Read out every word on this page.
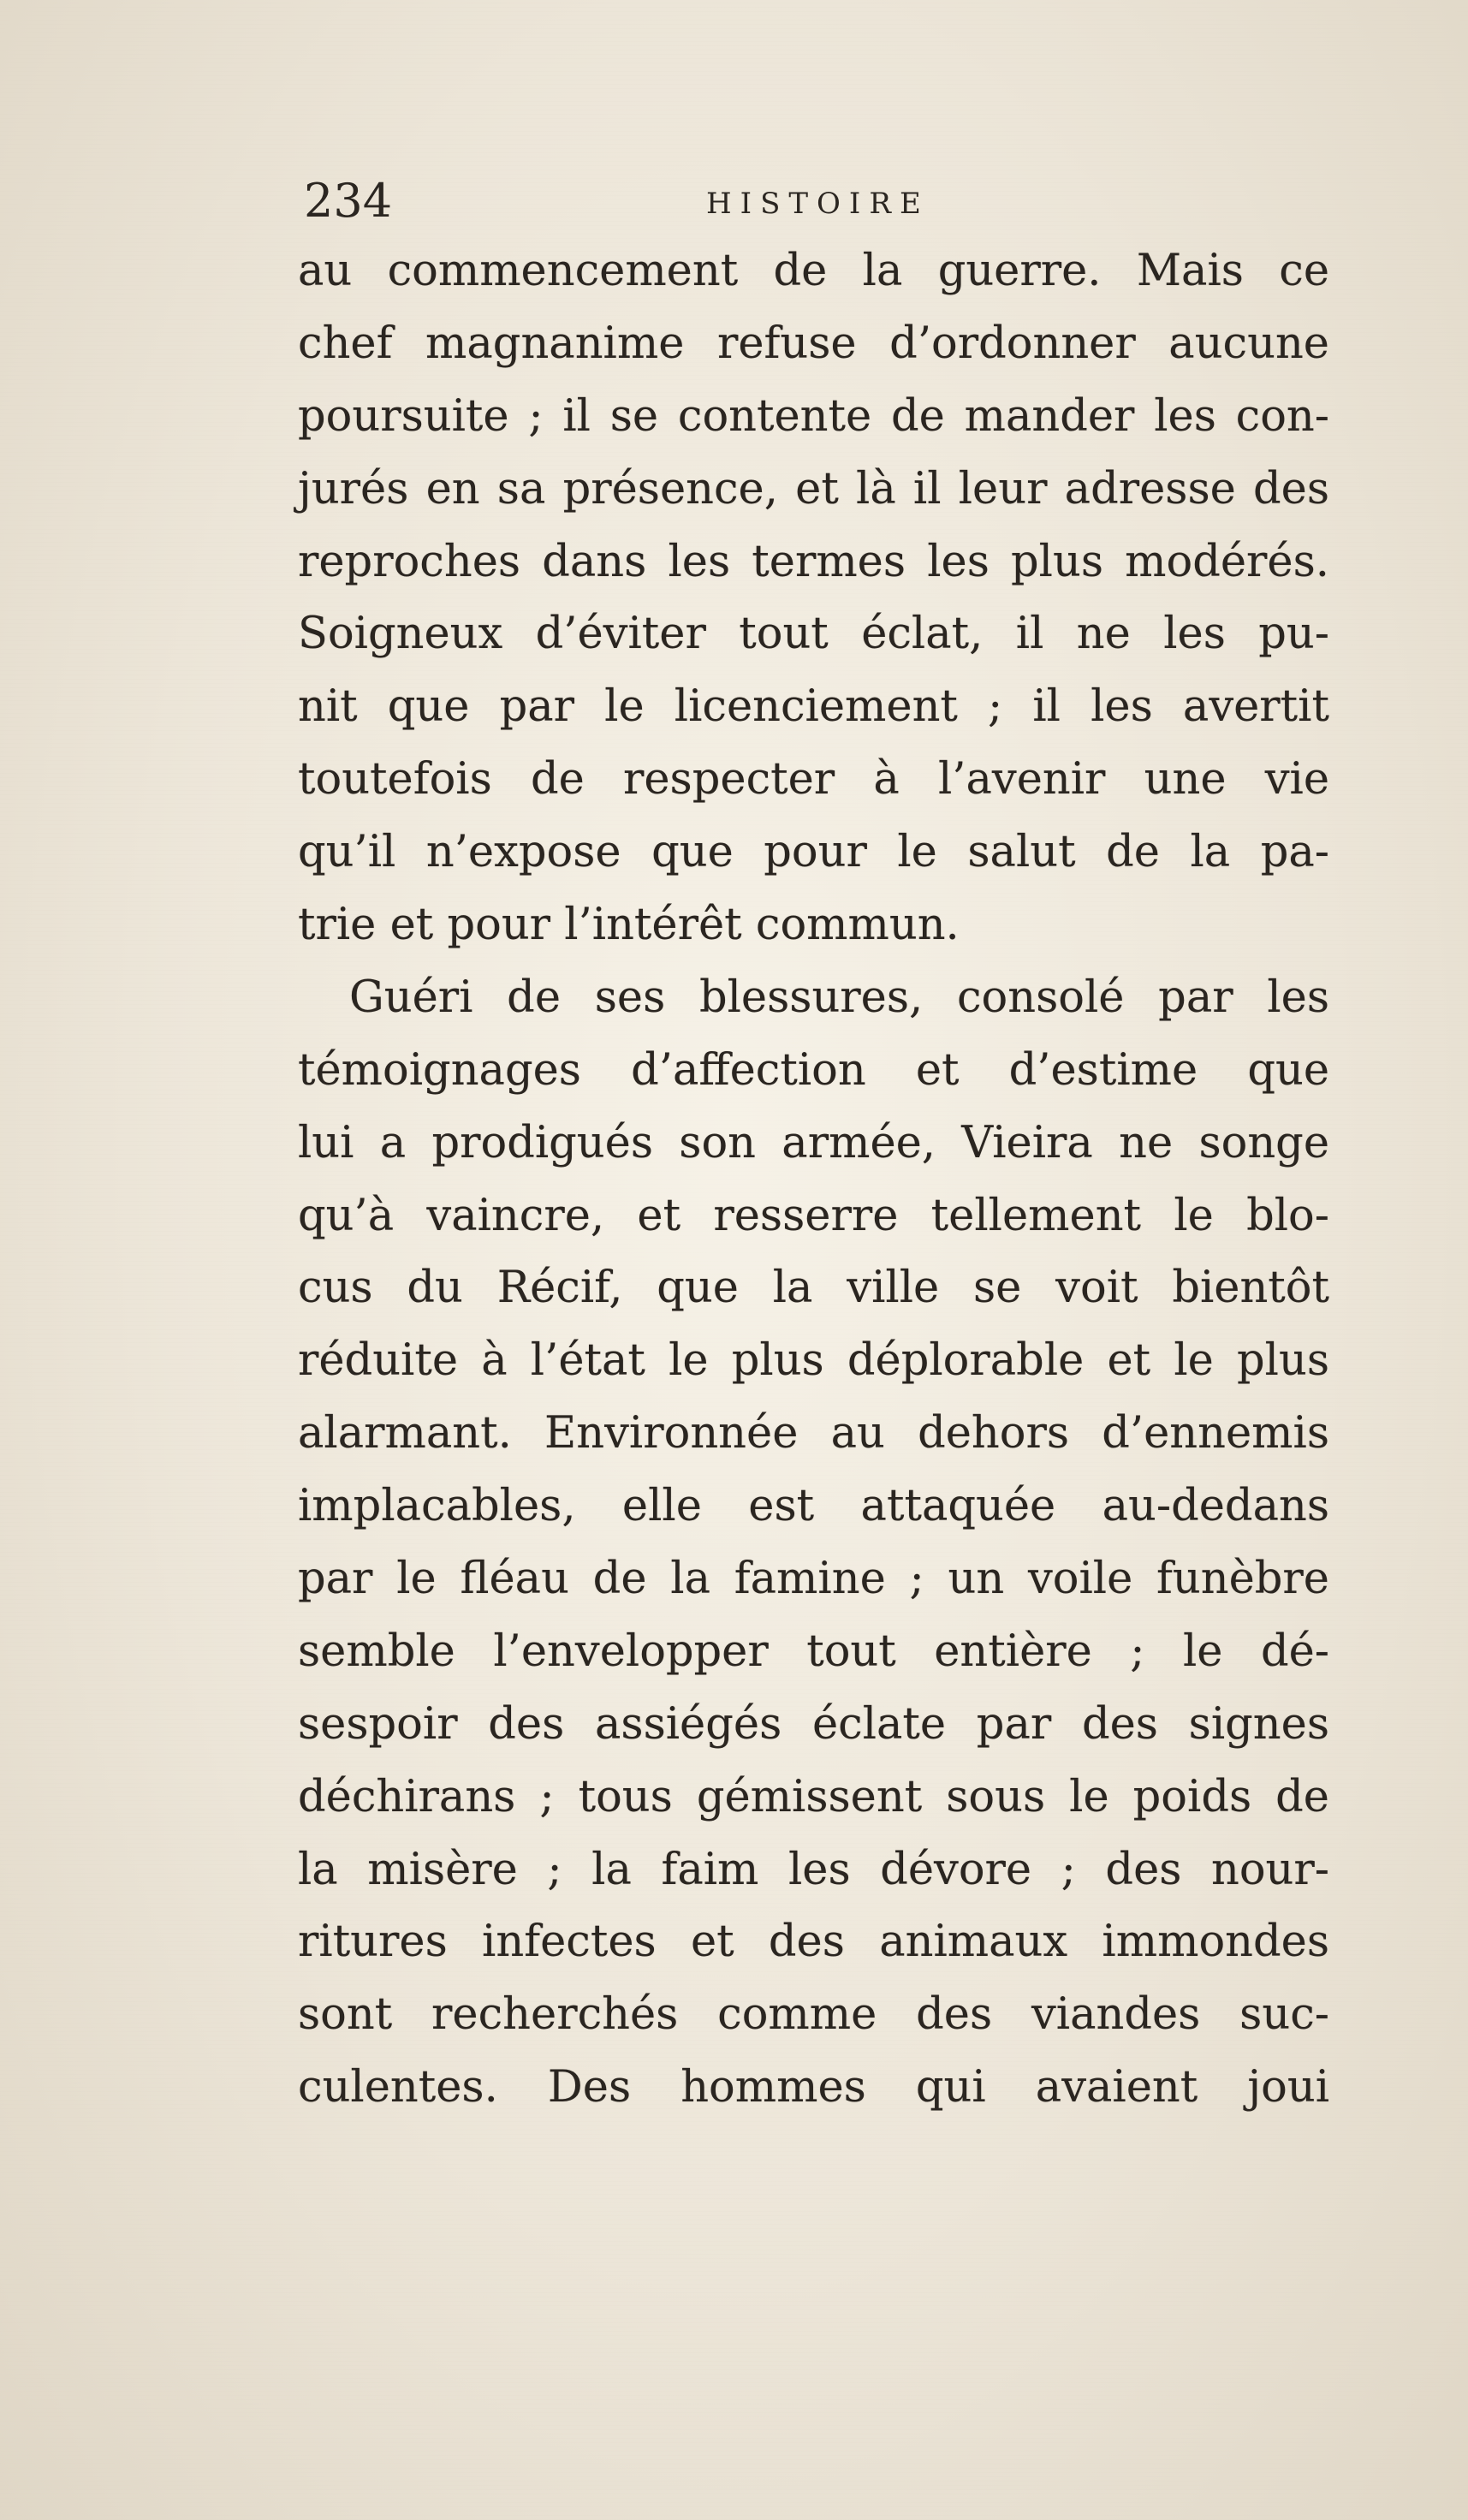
234	HISTOIRE
au commencement de la guerre. Mais ce
chef magnanime refuse d’ordonner aucune
poursuite ; il se contente de mander les con-
jurés en sa présence, et là il leur adresse des
reproches dans les termes les plus modérés.
Soigneux d’éviter tout éclat, il ne les pu-
nit que par le licenciement ; il les avertit
toutefois de respecter à l’avenir une vie
qu’il n’expose que pour le salut de la pa-
trie et pour l’intérêt commun.
Guéri de ses blessures, consolé par les
témoignages d’affection et d’estime que
lui a prodigués son armée, Vieira ne songe
qu’à vaincre, et resserre tellement le blo-
cus du Récif, que la ville se voit bientôt
réduite à l’état le plus déplorable et le plus
alarmant. Environnée au dehors d’ennemis
implacables, elle est attaquée au-dedans
par le fléau de la famine ; un voile funèbre
semble l’envelopper tout entière ; le dé-
sespoir des assiégés éclate par des signes
déchirans ; tous gémissent sous le poids de
la misère ; la faim les dévore ; des nour-
ritures infectes et des animaux immondes
sont recherchés comme des viandes suc-
culentes. Des hommes qui avaient joui
